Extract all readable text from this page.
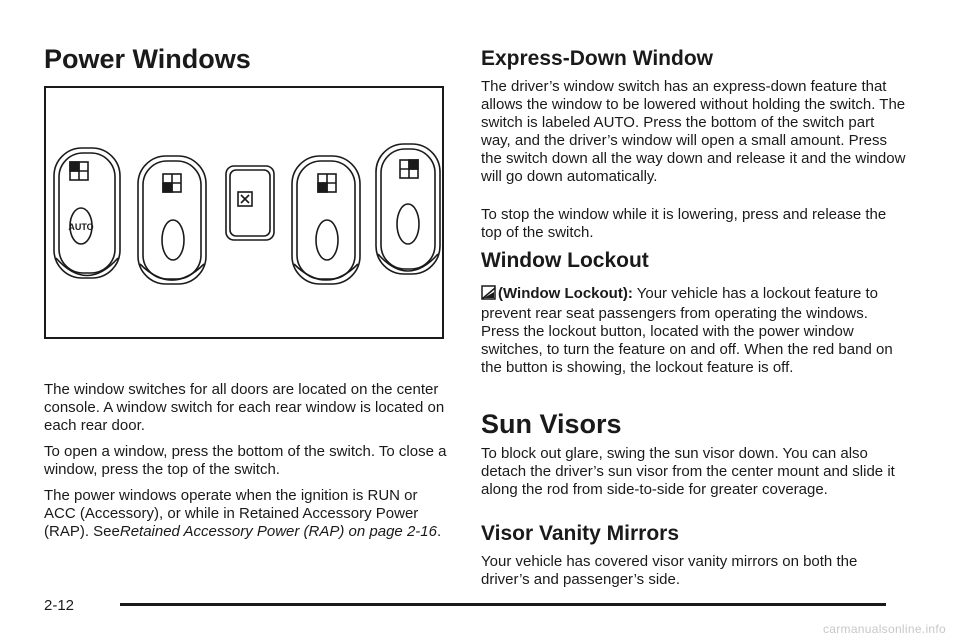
Power Windows
AUTO

The window switches for all doors are located on the center console. A window switch for each rear window is located on each rear door.

To open a window, press the bottom of the switch. To close a window, press the top of the switch.

The power windows operate when the ignition is RUN or ACC (Accessory), or while in Retained Accessory Power (RAP). SeeRetained Accessory Power (RAP) on page 2-16.

Express-Down Window

The driver’s window switch has an express-down feature that allows the window to be lowered without holding the switch. The switch is labeled AUTO. Press the bottom of the switch part way, and the driver’s window will open a small amount. Press the switch down all the way down and release it and the window will go down automatically.

To stop the window while it is lowering, press and release the top of the switch.

Window Lockout

(Window Lockout): Your vehicle has a lockout feature to prevent rear seat passengers from operating the windows. Press the lockout button, located with the power window switches, to turn the feature on and off. When the red band on the button is showing, the lockout feature is off.

Sun Visors

To block out glare, swing the sun visor down. You can also detach the driver’s sun visor from the center mount and slide it along the rod from side-to-side for greater coverage.

Visor Vanity Mirrors

Your vehicle has covered visor vanity mirrors on both the driver’s and passenger’s side.

2-12
carmanualsonline.info
